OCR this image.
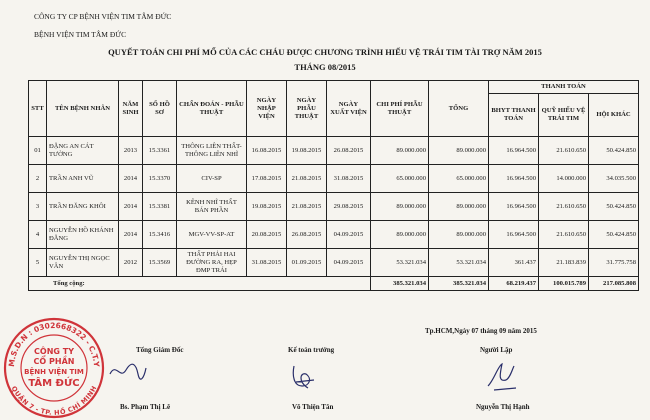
CÔNG TY CP BỆNH VIỆN TIM TÂM ĐỨC
BỆNH VIỆN TIM TÂM ĐỨC
QUYẾT TOÁN CHI PHÍ MỔ CỦA CÁC CHÁU ĐƯỢC CHƯƠNG TRÌNH HIẾU VỆ TRÁI TIM TÀI TRỢ NĂM 2015
THÁNG 08/2015
STT	TÊN BỆNH NHÂN	NĂM SINH	SỐ HỒ SƠ	CHẨN ĐOÁN - PHẪU THUẬT	NGÀY NHẬP VIỆN	NGÀY PHẪU THUẬT	NGÀY XUẤT VIỆN	CHI PHÍ PHẪU THUẬT	TỔNG	THANH TOÁN		
										BHYT THANH TOÁN	QUỸ HIẾU VỆ TRÁI TIM	HỘI KHÁC
01	ĐẶNG AN CÁT TƯỜNG	2013	15.3361	THÔNG LIÊN THẤT-THÔNG LIÊN NHĨ	16.08.2015	19.08.2015	26.08.2015	89.000.000	89.000.000	16.964.500	21.610.650	50.424.850
2	TRẦN ANH VŨ	2014	15.3370	CIV-SP	17.08.2015	21.08.2015	31.08.2015	65.000.000	65.000.000	16.964.500	14.000.000	34.035.500
3	TRẦN ĐĂNG KHÔI	2014	15.3381	KÊNH NHĨ THẤT BÁN PHẦN	19.08.2015	21.08.2015	29.08.2015	89.000.000	89.000.000	16.964.500	21.610.650	50.424.850
4	NGUYỄN HỒ KHÁNH ĐĂNG	2014	15.3416	MGV-VV-SP-AT	20.08.2015	26.08.2015	04.09.2015	89.000.000	89.000.000	16.964.500	21.610.650	50.424.850
5	NGUYỄN THỊ NGỌC VÂN	2012	15.3569	THẤT PHẢI HAI ĐƯỜNG RA, HẸP ĐMP TRÁI	31.08.2015	01.09.2015	04.09.2015	53.321.034	53.321.034	361.437	21.183.839	31.775.758
Tổng cộng:								385.321.034	385.321.034	68.219.437	100.015.789	217.085.808
Tp.HCM,Ngày 07 tháng 09 năm 2015
Tổng Giám Đốc	Kế toán trưởng	Người Lập
Bs. Phạm Thị Lê	Võ Thiện Tân	Nguyễn Thị Hạnh
M.S.D.N : 0302668322 - C.T.Y
QUẬN 7 - TP. HỒ CHÍ MINH
CÔNG TY
CỔ PHẦN
BỆNH VIỆN TIM
TÂM ĐỨC
